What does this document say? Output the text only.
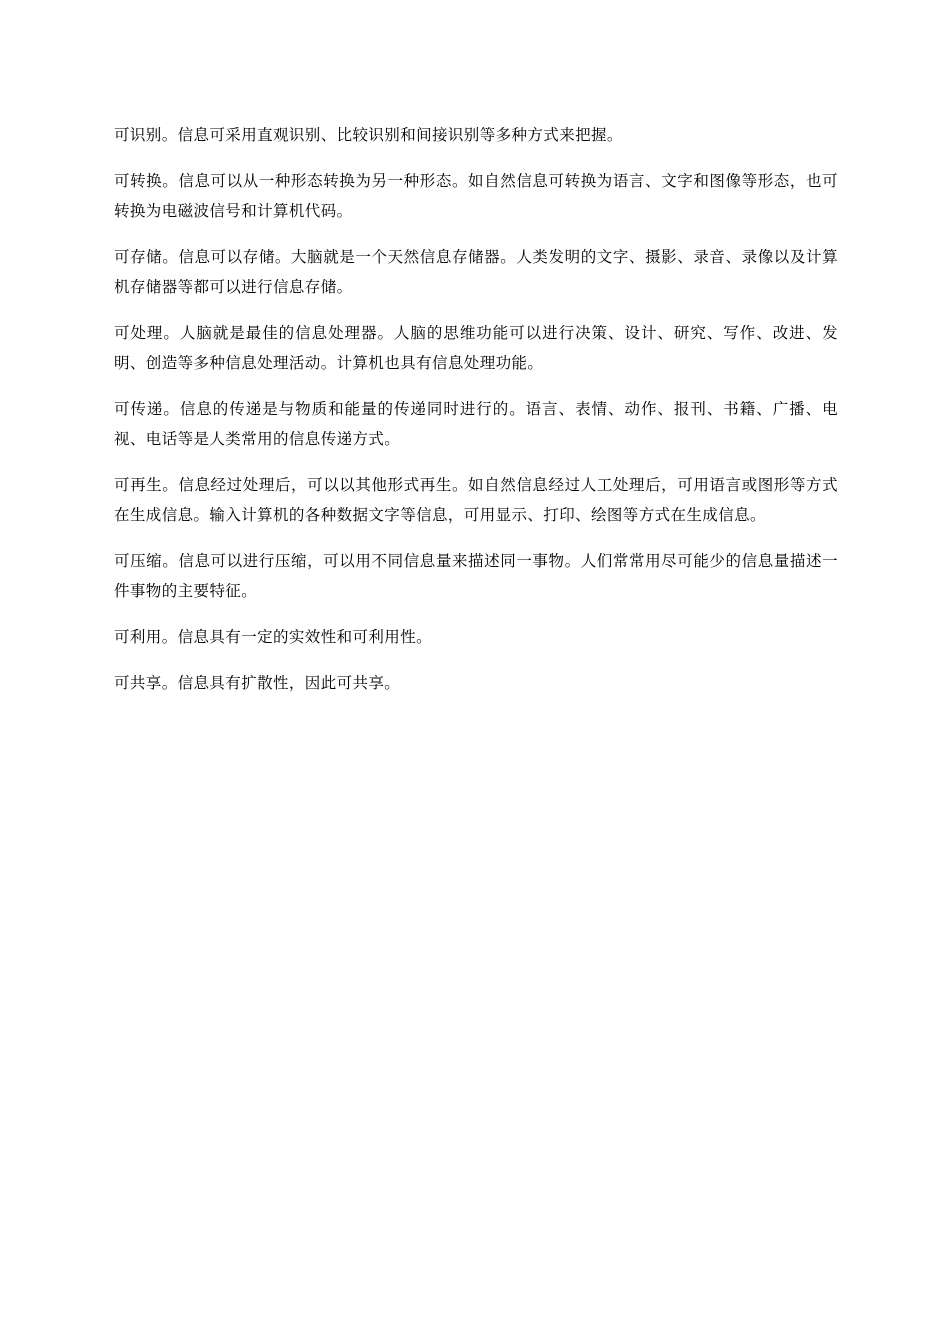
可识别。信息可采用直观识别、比较识别和间接识别等多种方式来把握。

可转换。信息可以从一种形态转换为另一种形态。如自然信息可转换为语言、文字和图像等形态，也可转换为电磁波信号和计算机代码。

可存储。信息可以存储。大脑就是一个天然信息存储器。人类发明的文字、摄影、录音、录像以及计算机存储器等都可以进行信息存储。

可处理。人脑就是最佳的信息处理器。人脑的思维功能可以进行决策、设计、研究、写作、改进、发明、创造等多种信息处理活动。计算机也具有信息处理功能。

可传递。信息的传递是与物质和能量的传递同时进行的。语言、表情、动作、报刊、书籍、广播、电视、电话等是人类常用的信息传递方式。

可再生。信息经过处理后，可以以其他形式再生。如自然信息经过人工处理后，可用语言或图形等方式在生成信息。输入计算机的各种数据文字等信息，可用显示、打印、绘图等方式在生成信息。

可压缩。信息可以进行压缩，可以用不同信息量来描述同一事物。人们常常用尽可能少的信息量描述一件事物的主要特征。

可利用。信息具有一定的实效性和可利用性。

可共享。信息具有扩散性，因此可共享。
